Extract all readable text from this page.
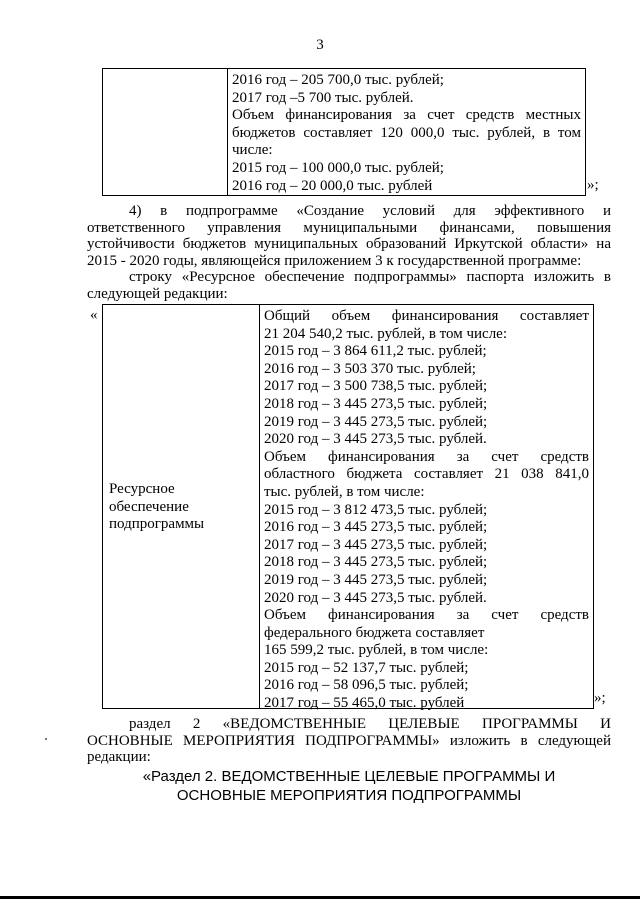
3
2016 год – 205 700,0 тыс. рублей;
2017 год –5 700 тыс. рублей.
Объем финансирования за счет средств местных
бюджетов составляет 120 000,0 тыс. рублей, в том
числе:
2015 год – 100 000,0 тыс. рублей;
2016 год – 20 000,0 тыс. рублей	»;
4) в подпрограмме «Создание условий для эффективного и
ответственного управления муниципальными финансами, повышения
устойчивости бюджетов муниципальных образований Иркутской области» на
2015 - 2020 годы, являющейся приложением 3 к государственной программе:
строку «Ресурсное обеспечение подпрограммы» паспорта изложить в
следующей редакции:
«
Ресурсное
обеспечение
подпрограммы
Общий объем финансирования составляет
21 204 540,2 тыс. рублей, в том числе:
2015 год – 3 864 611,2 тыс. рублей;
2016 год – 3 503 370 тыс. рублей;
2017 год – 3 500 738,5 тыс. рублей;
2018 год – 3 445 273,5 тыс. рублей;
2019 год – 3 445 273,5 тыс. рублей;
2020 год – 3 445 273,5 тыс. рублей.
Объем финансирования за счет средств
областного бюджета составляет 21 038 841,0
тыс. рублей, в том числе:
2015 год – 3 812 473,5 тыс. рублей;
2016 год – 3 445 273,5 тыс. рублей;
2017 год – 3 445 273,5 тыс. рублей;
2018 год – 3 445 273,5 тыс. рублей;
2019 год – 3 445 273,5 тыс. рублей;
2020 год – 3 445 273,5 тыс. рублей.
Объем финансирования за счет средств
федерального бюджета составляет
165 599,2 тыс. рублей, в том числе:
2015 год – 52 137,7 тыс. рублей;
2016 год – 58 096,5 тыс. рублей;
2017 год – 55 465,0 тыс. рублей	»;
раздел 2 «ВЕДОМСТВЕННЫЕ ЦЕЛЕВЫЕ ПРОГРАММЫ И
ОСНОВНЫЕ МЕРОПРИЯТИЯ ПОДПРОГРАММЫ» изложить в следующей
редакции:
«Раздел 2. ВЕДОМСТВЕННЫЕ ЦЕЛЕВЫЕ ПРОГРАММЫ И
ОСНОВНЫЕ МЕРОПРИЯТИЯ ПОДПРОГРАММЫ
